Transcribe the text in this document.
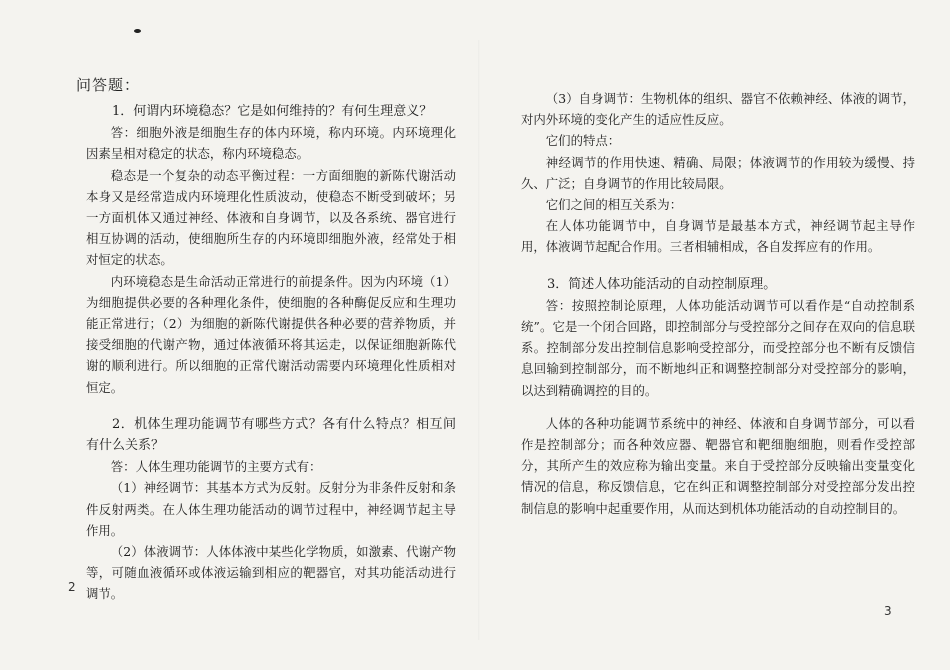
问答题：

1．何谓内环境稳态？它是如何维持的？有何生理意义？

答：细胞外液是细胞生存的体内环境，称内环境。内环境理化因素呈相对稳定的状态，称内环境稳态。

稳态是一个复杂的动态平衡过程：一方面细胞的新陈代谢活动本身又是经常造成内环境理化性质波动，使稳态不断受到破坏；另一方面机体又通过神经、体液和自身调节，以及各系统、器官进行相互协调的活动，使细胞所生存的内环境即细胞外液，经常处于相对恒定的状态。

内环境稳态是生命活动正常进行的前提条件。因为内环境（1）为细胞提供必要的各种理化条件，使细胞的各种酶促反应和生理功能正常进行；（2）为细胞的新陈代谢提供各种必要的营养物质，并接受细胞的代谢产物，通过体液循环将其运走，以保证细胞新陈代谢的顺利进行。所以细胞的正常代谢活动需要内环境理化性质相对恒定。

2．机体生理功能调节有哪些方式？各有什么特点？相互间有什么关系？

答：人体生理功能调节的主要方式有：

（1）神经调节：其基本方式为反射。反射分为非条件反射和条件反射两类。在人体生理功能活动的调节过程中，神经调节起主导作用。

（2）体液调节：人体体液中某些化学物质，如激素、代谢产物等，可随血液循环或体液运输到相应的靶器官，对其功能活动进行调节。

2

（3）自身调节：生物机体的组织、器官不依赖神经、体液的调节，对内外环境的变化产生的适应性反应。

它们的特点：

神经调节的作用快速、精确、局限；体液调节的作用较为缓慢、持久、广泛；自身调节的作用比较局限。

它们之间的相互关系为：

在人体功能调节中，自身调节是最基本方式，神经调节起主导作用，体液调节起配合作用。三者相辅相成，各自发挥应有的作用。

3．简述人体功能活动的自动控制原理。

答：按照控制论原理，人体功能活动调节可以看作是“自动控制系统”。它是一个闭合回路，即控制部分与受控部分之间存在双向的信息联系。控制部分发出控制信息影响受控部分，而受控部分也不断有反馈信息回输到控制部分，而不断地纠正和调整控制部分对受控部分的影响，以达到精确调控的目的。

人体的各种功能调节系统中的神经、体液和自身调节部分，可以看作是控制部分；而各种效应器、靶器官和靶细胞细胞，则看作受控部分，其所产生的效应称为输出变量。来自于受控部分反映输出变量变化情况的信息，称反馈信息，它在纠正和调整控制部分对受控部分发出控制信息的影响中起重要作用，从而达到机体功能活动的自动控制目的。

3
